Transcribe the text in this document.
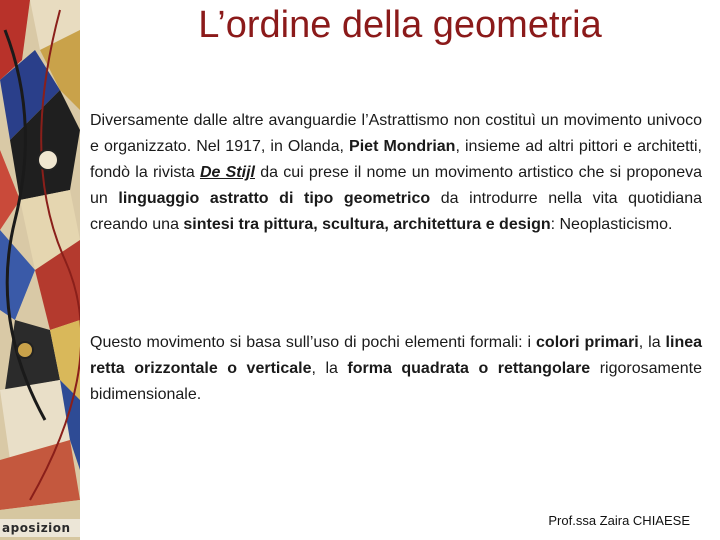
aposizion
L’ordine della geometria

Diversamente dalle altre avanguardie l’Astrattismo non costituì un movimento univoco e organizzato. Nel 1917, in Olanda, Piet Mondrian, insieme ad altri pittori e architetti, fondò la rivista De Stijl da cui prese il nome un movimento artistico che si proponeva un linguaggio astratto di tipo geometrico da introdurre nella vita quotidiana creando una sintesi tra pittura, scultura, architettura e design: Neoplasticismo.

Questo movimento si basa sull’uso di pochi elementi formali: i colori primari, la linea retta orizzontale o verticale, la forma quadrata o rettangolare rigorosamente bidimensionale.

Prof.ssa Zaira CHIAESE
